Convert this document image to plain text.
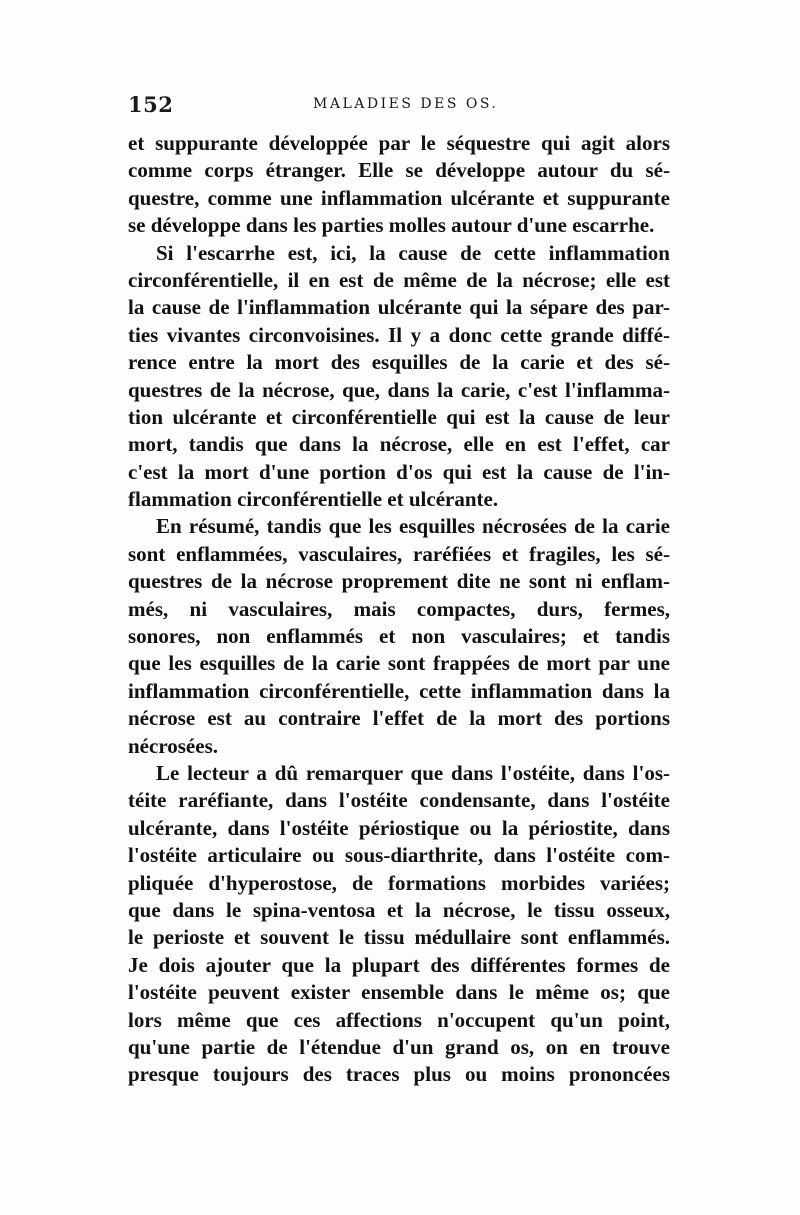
152	MALADIES DES OS.
et suppurante développée par le séquestre qui agit alors
comme corps étranger. Elle se développe autour du sé-
questre, comme une inflammation ulcérante et suppurante
se développe dans les parties molles autour d'une escarrhe.
Si l'escarrhe est, ici, la cause de cette inflammation
circonférentielle, il en est de même de la nécrose; elle est
la cause de l'inflammation ulcérante qui la sépare des par-
ties vivantes circonvoisines. Il y a donc cette grande diffé-
rence entre la mort des esquilles de la carie et des sé-
questres de la nécrose, que, dans la carie, c'est l'inflamma-
tion ulcérante et circonférentielle qui est la cause de leur
mort, tandis que dans la nécrose, elle en est l'effet, car
c'est la mort d'une portion d'os qui est la cause de l'in-
flammation circonférentielle et ulcérante.
En résumé, tandis que les esquilles nécrosées de la carie
sont enflammées, vasculaires, raréfiées et fragiles, les sé-
questres de la nécrose proprement dite ne sont ni enflam-
més, ni vasculaires, mais compactes, durs, fermes,
sonores, non enflammés et non vasculaires; et tandis
que les esquilles de la carie sont frappées de mort par une
inflammation circonférentielle, cette inflammation dans la
nécrose est au contraire l'effet de la mort des portions
nécrosées.
Le lecteur a dû remarquer que dans l'ostéite, dans l'os-
téite raréfiante, dans l'ostéite condensante, dans l'ostéite
ulcérante, dans l'ostéite périostique ou la périostite, dans
l'ostéite articulaire ou sous-diarthrite, dans l'ostéite com-
pliquée d'hyperostose, de formations morbides variées;
que dans le spina-ventosa et la nécrose, le tissu osseux,
le perioste et souvent le tissu médullaire sont enflammés.
Je dois ajouter que la plupart des différentes formes de
l'ostéite peuvent exister ensemble dans le même os; que
lors même que ces affections n'occupent qu'un point,
qu'une partie de l'étendue d'un grand os, on en trouve
presque toujours des traces plus ou moins prononcées
